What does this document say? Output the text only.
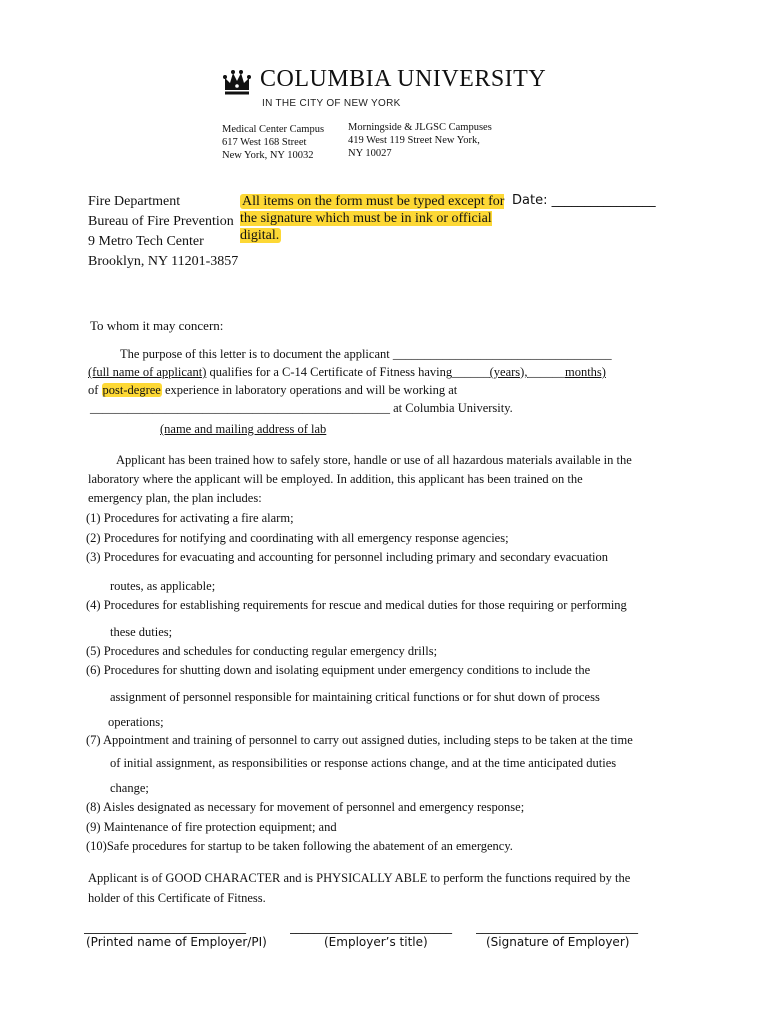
COLUMBIA UNIVERSITY
IN THE CITY OF NEW YORK
Medical Center Campus
617 West 168 Street
New York, NY 10032
Morningside & JLGSC Campuses
419 West 119 Street New York,
NY 10027
Fire Department
Bureau of Fire Prevention
9 Metro Tech Center
Brooklyn, NY 11201-3857
All items on the form must be typed except for the signature which must be in ink or official digital.
Date: ________________
To whom it may concern:
The purpose of this letter is to document the applicant ___________________________________
(full name of applicant) qualifies for a C-14 Certificate of Fitness having______(years),______months)
of post-degree experience in laboratory operations and will be working at
________________________________________________ at Columbia University.
(name and mailing address of lab
Applicant has been trained how to safely store, handle or use of all hazardous materials available in the
laboratory where the applicant will be employed. In addition, this applicant has been trained on the
emergency plan, the plan includes:
(1) Procedures for activating a fire alarm;
(2) Procedures for notifying and coordinating with all emergency response agencies;
(3) Procedures for evacuating and accounting for personnel including primary and secondary evacuation
routes, as applicable;
(4) Procedures for establishing requirements for rescue and medical duties for those requiring or performing
these duties;
(5) Procedures and schedules for conducting regular emergency drills;
(6) Procedures for shutting down and isolating equipment under emergency conditions to include the
assignment of personnel responsible for maintaining critical functions or for shut down of process
operations;
(7) Appointment and training of personnel to carry out assigned duties, including steps to be taken at the time
of initial assignment, as responsibilities or response actions change, and at the time anticipated duties
change;
(8) Aisles designated as necessary for movement of personnel and emergency response;
(9) Maintenance of fire protection equipment; and
(10)Safe procedures for startup to be taken following the abatement of an emergency.
Applicant is of GOOD CHARACTER and is PHYSICALLY ABLE to perform the functions required by the
holder of this Certificate of Fitness.
___________________________	___________________________	___________________________
(Printed name of Employer/PI)	(Employer’s title)	(Signature of Employer)
